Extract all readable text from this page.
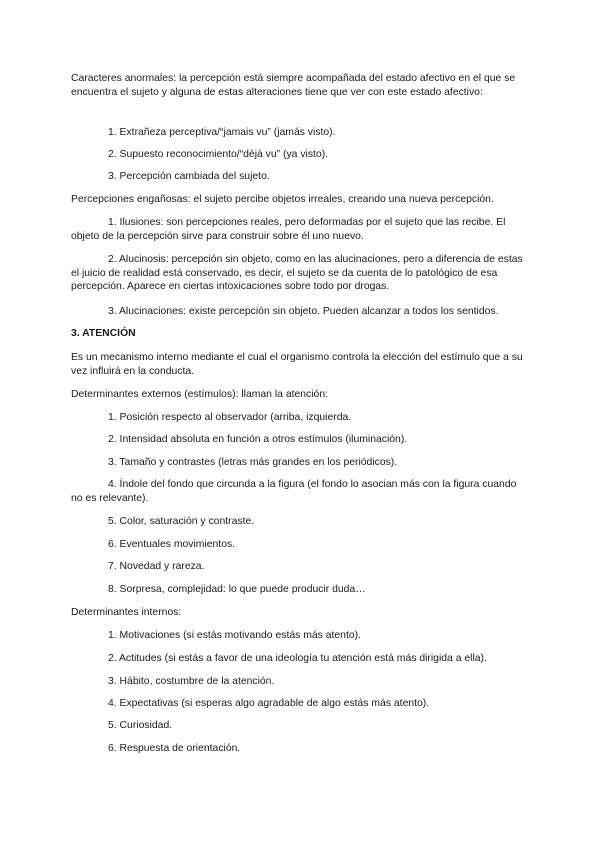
Caracteres anormales: la percepción está siempre acompañada del estado afectivo en el que se encuentra el sujeto y alguna de estas alteraciones tiene que ver con este estado afectivo:

1. Extrañeza perceptiva/“jamais vu” (jamás visto).

2. Supuesto reconocimiento/“déjà vu” (ya visto).

3. Percepción cambiada del sujeto.

Percepciones engañosas: el sujeto percibe objetos irreales, creando una nueva percepción.

1. Ilusiones: son percepciones reales, pero deformadas por el sujeto que las recibe. El objeto de la percepción sirve para construir sobre él uno nuevo.

2. Alucinosis: percepción sin objeto, como en las alucinaciones, pero a diferencia de estas el juicio de realidad está conservado, es decir, el sujeto se da cuenta de lo patológico de esa percepción. Aparece en ciertas intoxicaciones sobre todo por drogas.

3. Alucinaciones: existe percepción sin objeto. Pueden alcanzar a todos los sentidos.

3. ATENCIÓN

Es un mecanismo interno mediante el cual el organismo controla la elección del estímulo que a su vez influirá en la conducta.

Determinantes externos (estímulos): llaman la atención:

1. Posición respecto al observador (arriba, izquierda.

2. Intensidad absoluta en función a otros estímulos (iluminación).

3. Tamaño y contrastes (letras más grandes en los periódicos).

4. Índole del fondo que circunda a la figura (el fondo lo asocian más con la figura cuando no es relevante).

5. Color, saturación y contraste.

6. Eventuales movimientos.

7. Novedad y rareza.

8. Sorpresa, complejidad: lo que puede producir duda…

Determinantes internos:

1. Motivaciones (si estás motivando estás más atento).

2. Actitudes (si estás a favor de una ideología tu atención está más dirigida a ella).

3. Hábito, costumbre de la atención.

4. Expectativas (si esperas algo agradable de algo estás más atento).

5. Curiosidad.

6. Respuesta de orientación.
